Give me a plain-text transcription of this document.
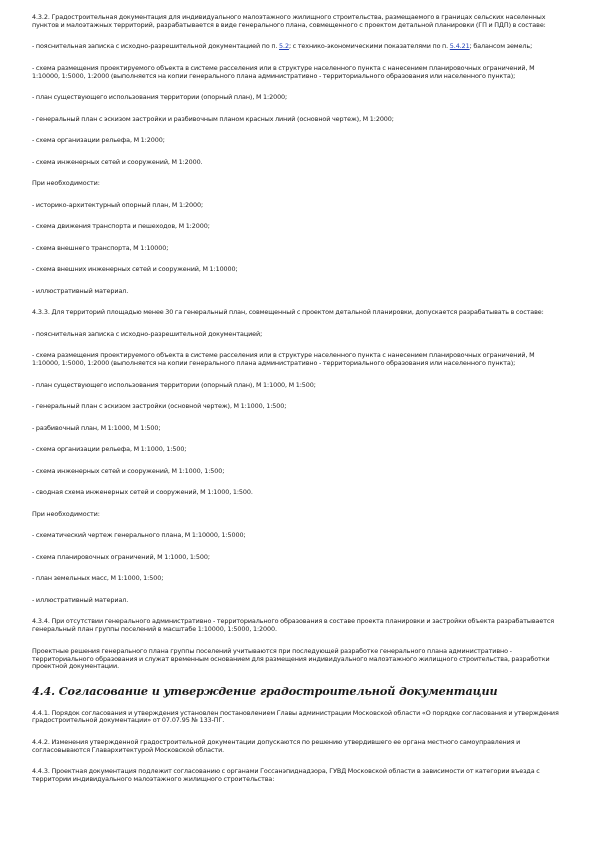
4.3.2. Градостроительная документация для индивидуального малоэтажного жилищного строительства, размещаемого в границах сельских населенных пунктов и малоэтажных территорий, разрабатывается в виде генерального плана, совмещенного с проектом детальной планировки (ГП и ПДП) в составе:

- пояснительная записка с исходно-разрешительной документацией по п. 5.2; с технико-экономическими показателями по п. 5.4.21; балансом земель;

- схема размещения проектируемого объекта в системе расселения или в структуре населенного пункта с нанесением планировочных ограничений, М 1:10000, 1:5000, 1:2000 (выполняется на копии генерального плана административно - территориального образования или населенного пункта);

- план существующего использования территории (опорный план), М 1:2000;

- генеральный план с эскизом застройки и разбивочным планом красных линий (основной чертеж), М 1:2000;

- схема организации рельефа, М 1:2000;

- схема инженерных сетей и сооружений, М 1:2000.

При необходимости:

- историко-архитектурный опорный план, М 1:2000;

- схема движения транспорта и пешеходов, М 1:2000;

- схема внешнего транспорта, М 1:10000;

- схема внешних инженерных сетей и сооружений, М 1:10000;

- иллюстративный материал.

4.3.3. Для территорий площадью менее 30 га генеральный план, совмещенный с проектом детальной планировки, допускается разрабатывать в составе:

- пояснительная записка с исходно-разрешительной документацией;

- схема размещения проектируемого объекта в системе расселения или в структуре населенного пункта с нанесением планировочных ограничений, М 1:10000, 1:5000, 1:2000 (выполняется на копии генерального плана административно - территориального образования или населенного пункта);

- план существующего использования территории (опорный план), М 1:1000, М 1:500;

- генеральный план с эскизом застройки (основной чертеж), М 1:1000, 1:500;

- разбивочный план, М 1:1000, М 1:500;

- схема организации рельефа, М 1:1000, 1:500;

- схема инженерных сетей и сооружений, М 1:1000, 1:500;

- сводная схема инженерных сетей и сооружений, М 1:1000, 1:500.

При необходимости:

- схематический чертеж генерального плана, М 1:10000, 1:5000;

- схема планировочных ограничений, М 1:1000, 1:500;

- план земельных масс, М 1:1000, 1:500;

- иллюстративный материал.

4.3.4. При отсутствии генерального административно - территориального образования в составе проекта планировки и застройки объекта разрабатывается генеральный план группы поселений в масштабе 1:10000, 1:5000, 1:2000.

Проектные решения генерального плана группы поселений учитываются при последующей разработке генерального плана административно - территориального образования и служат временным основанием для размещения индивидуального малоэтажного жилищного строительства, разработки проектной документации.

4.4. Согласование и утверждение градостроительной документации

4.4.1. Порядок согласования и утверждения установлен постановлением Главы администрации Московской области «О порядке согласования и утверждения градостроительной документации» от 07.07.95 № 133-ПГ.

4.4.2. Изменения утвержденной градостроительной документации допускаются по решению утвердившего ее органа местного самоуправления и согласовываются Главархитектурой Московской области.

4.4.3. Проектная документация подлежит согласованию с органами Госсанэпиднадзора, ГУВД Московской области в зависимости от категории въезда с территории индивидуального малоэтажного жилищного строительства:
